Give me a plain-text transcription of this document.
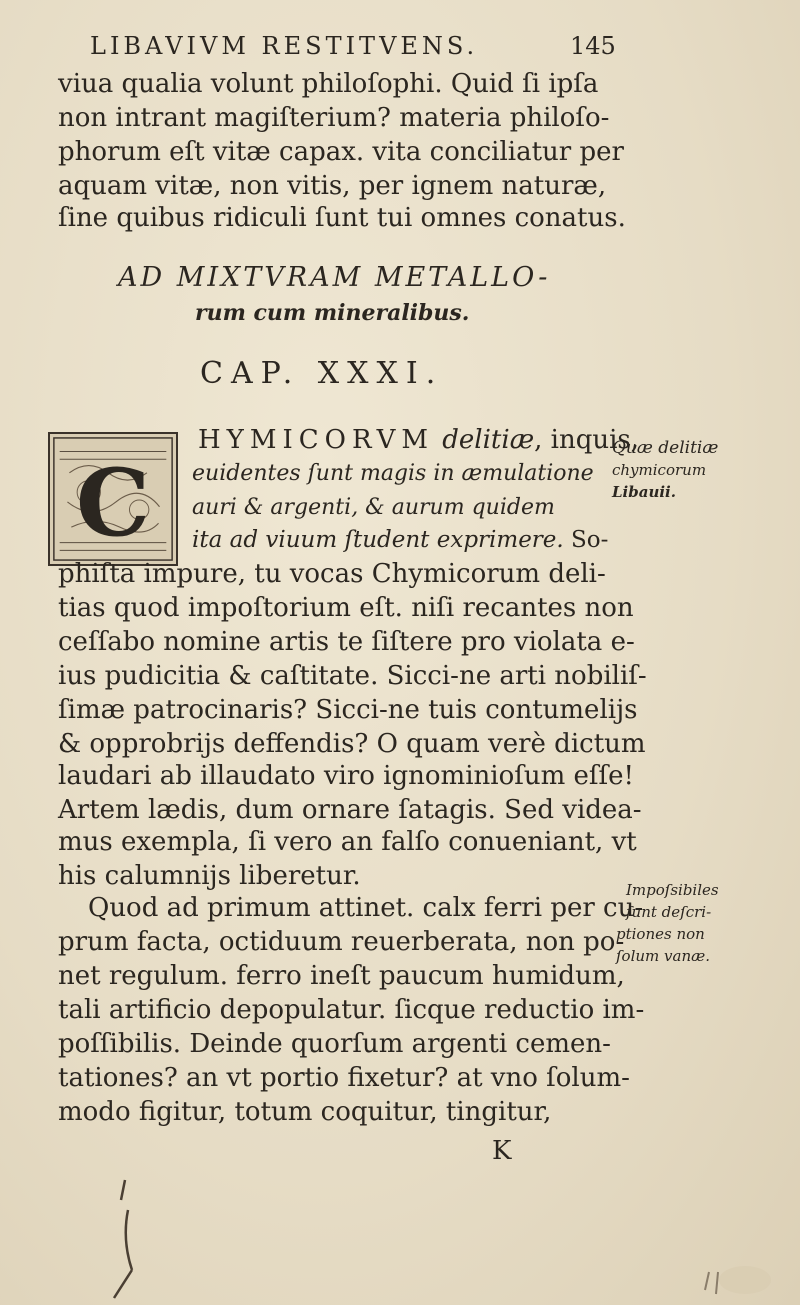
LIBAVIVM RESTITVENS.	145
viua qualia volunt philoſophi. Quid ſi ipſa
non intrant magiſterium? materia philoſo-
phorum eſt vitæ capax. vita conciliatur per
aquam vitæ, non vitis, per ignem naturæ,
ſine quibus ridiculi ſunt tui omnes conatus.
AD MIXTVRAM METALLO-
rum cum mineralibus.
CAP. XXXI.
C
HYMICORVM delitiæ, inquis,
euidentes ſunt magis in æmulatione
auri & argenti, & aurum quidem
ita ad viuum ſtudent exprimere. So-
phiſta impure, tu vocas Chymicorum deli-
tias quod impoſtorium eſt. niſi recantes non
ceſſabo nomine artis te ſiſtere pro violata e-
ius pudicitia & caſtitate. Sicci-ne arti nobiliſ-
ſimæ patrocinaris? Sicci-ne tuis contumelijs
& opprobrijs deffendis? O quam verè dictum
laudari ab illaudato viro ignominioſum eſſe!
Artem lædis, dum ornare ſatagis. Sed videa-
mus exempla, ſi vero an falſo conueniant, vt
his calumnijs liberetur.
Quod ad primum attinet. calx ferri per cu-
prum facta, octiduum reuerberata, non po-
net regulum. ferro ineſt paucum humidum,
tali artificio depopulatur. ſicque reductio im-
poſſibilis. Deinde quorſum argenti cemen-
tationes? an vt portio fixetur? at vno ſolum-
modo figitur, totum coquitur, tingitur,
Quæ delitiæ
chymicorum
Libauii.
Impoſsibiles
ſunt deſcri-
ptiones non
ſolum vanæ.
K
